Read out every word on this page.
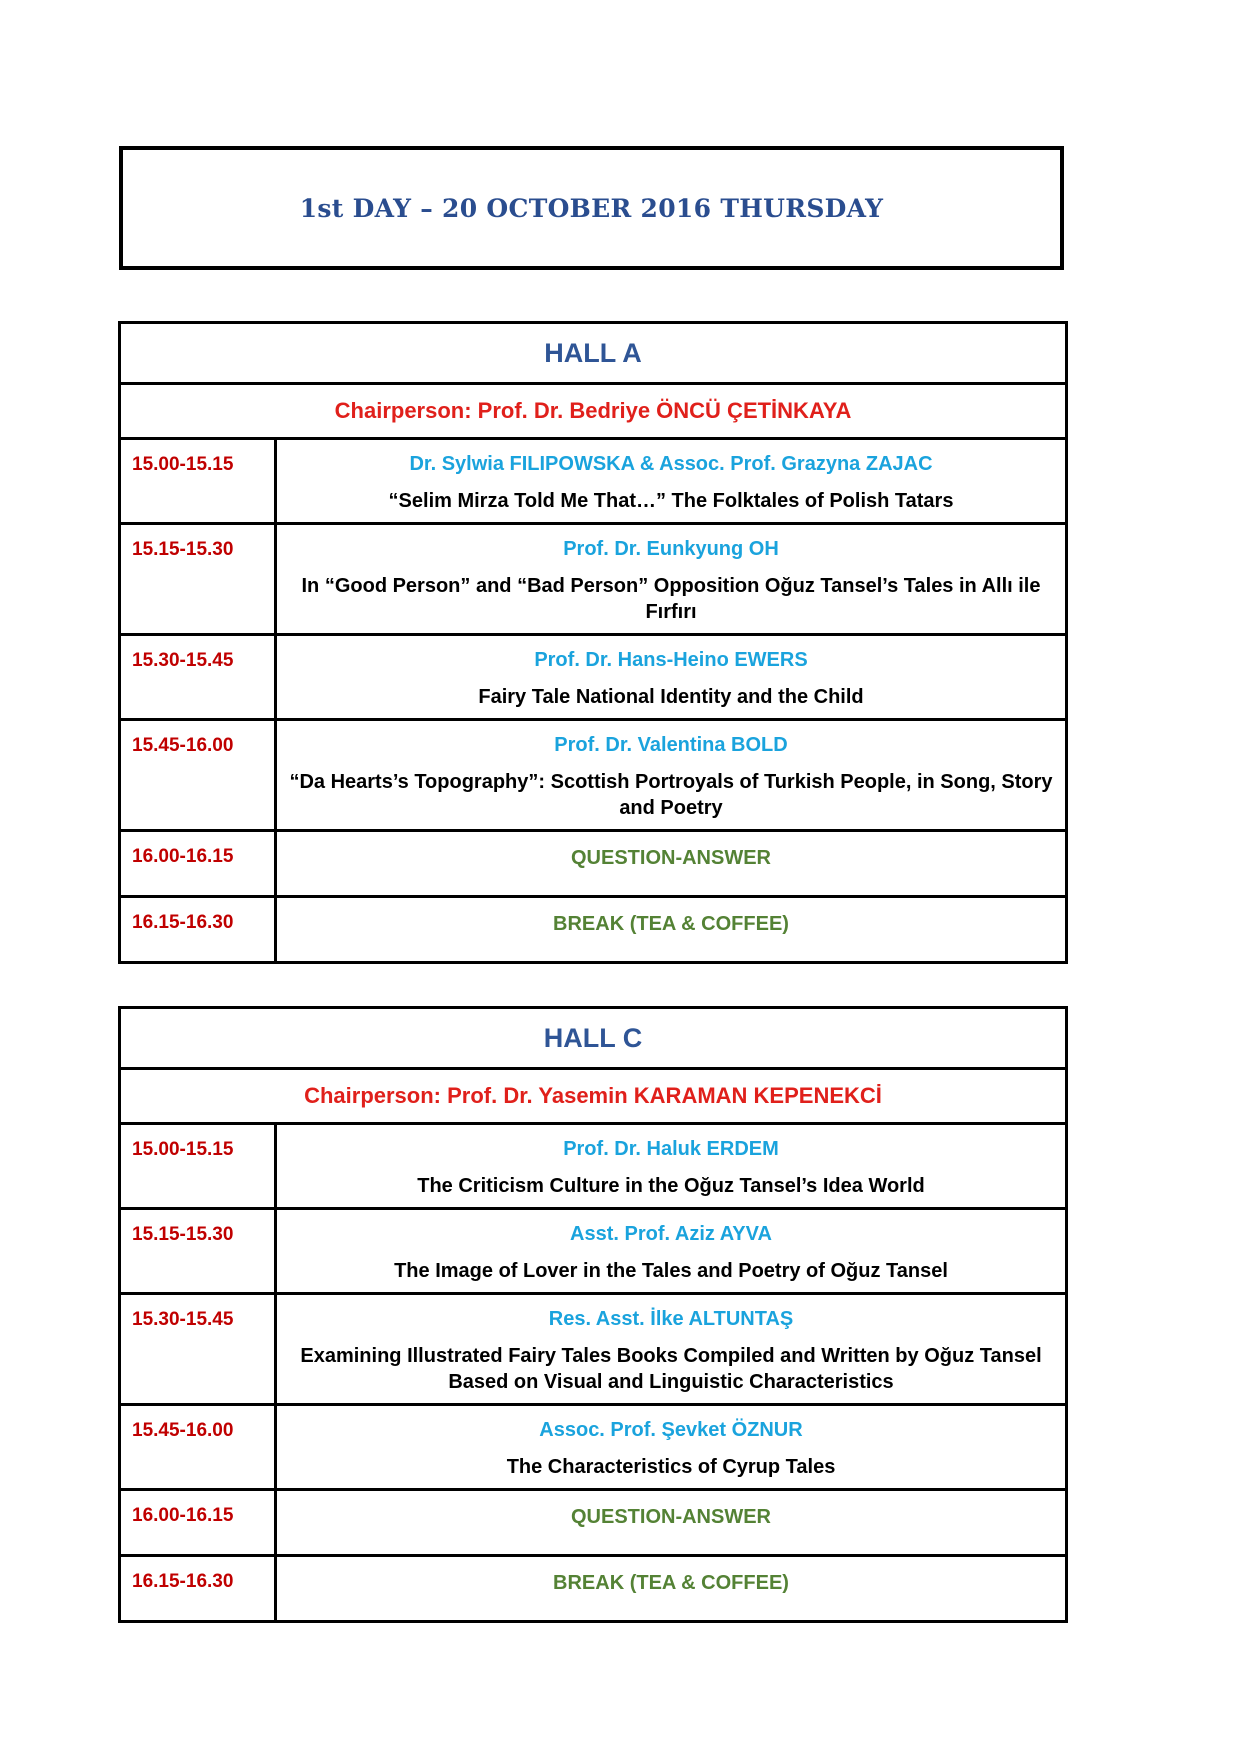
1st DAY – 20 OCTOBER 2016 THURSDAY
HALL A	
Chairperson: Prof. Dr. Bedriye ÖNCÜ ÇETİNKAYA	
15.00-15.15	Dr. Sylwia FILIPOWSKA & Assoc. Prof. Grazyna ZAJAC
“Selim Mirza Told Me That…” The Folktales of Polish Tatars

15.15-15.30	Prof. Dr. Eunkyung OH
In “Good Person” and “Bad Person” Opposition Oğuz Tansel’s Tales in Allı ile Fırfırı

15.30-15.45	Prof. Dr. Hans-Heino EWERS
Fairy Tale National Identity and the Child

15.45-16.00	Prof. Dr. Valentina BOLD
“Da Hearts’s Topography”: Scottish Portroyals of Turkish People, in Song, Story and Poetry

16.00-16.15	QUESTION-ANSWER
16.15-16.30	BREAK (TEA & COFFEE)
HALL C	
Chairperson: Prof. Dr. Yasemin KARAMAN KEPENEKCİ	
15.00-15.15	Prof. Dr. Haluk ERDEM
The Criticism Culture in the Oğuz Tansel’s Idea World

15.15-15.30	Asst. Prof. Aziz AYVA
The Image of Lover in the Tales and Poetry of Oğuz Tansel

15.30-15.45	Res. Asst. İlke ALTUNTAŞ
Examining Illustrated Fairy Tales Books Compiled and Written by Oğuz Tansel Based on Visual and Linguistic Characteristics

15.45-16.00	Assoc. Prof. Şevket ÖZNUR
The Characteristics of Cyrup Tales

16.00-16.15	QUESTION-ANSWER
16.15-16.30	BREAK (TEA & COFFEE)
